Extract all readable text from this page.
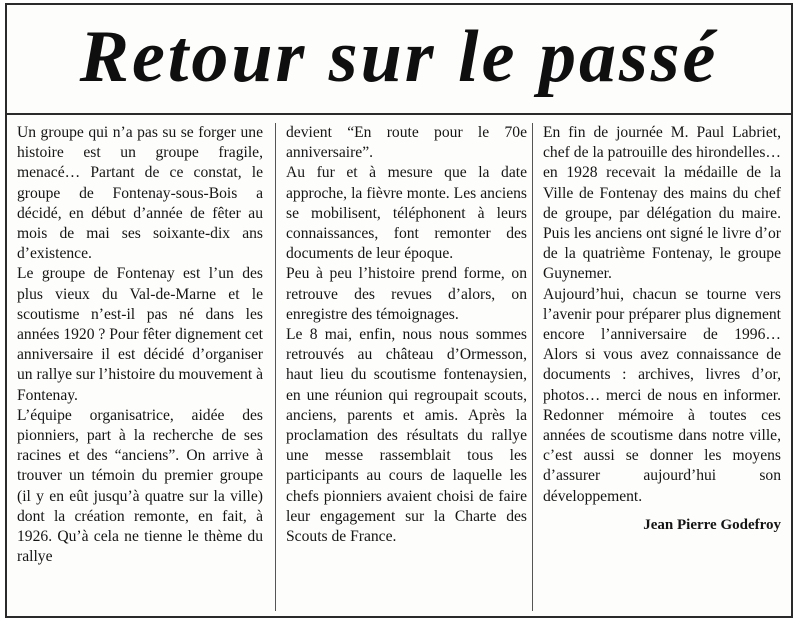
Retour sur le passé

Un groupe qui n’a pas su se forger une histoire est un groupe fragile, menacé… Partant de ce constat, le groupe de Fontenay-sous-Bois a décidé, en début d’année de fêter au mois de mai ses soixante-dix ans d’existence.

Le groupe de Fontenay est l’un des plus vieux du Val-de-Marne et le scoutisme n’est-il pas né dans les années 1920 ? Pour fêter dignement cet anniversaire il est décidé d’organiser un rallye sur l’histoire du mouvement à Fontenay.

L’équipe organisatrice, aidée des pionniers, part à la recherche de ses racines et des “anciens”. On arrive à trouver un témoin du premier groupe (il y en eût jusqu’à quatre sur la ville) dont la création remonte, en fait, à 1926. Qu’à cela ne tienne le thème du rallye

devient “En route pour le 70e anniversaire”.

Au fur et à mesure que la date approche, la fièvre monte. Les anciens se mobilisent, téléphonent à leurs connaissances, font remonter des documents de leur époque.

Peu à peu l’histoire prend forme, on retrouve des revues d’alors, on enregistre des témoignages.

Le 8 mai, enfin, nous nous sommes retrouvés au château d’Ormesson, haut lieu du scoutisme fontenaysien, en une réunion qui regroupait scouts, anciens, parents et amis. Après la proclamation des résultats du rallye une messe rassemblait tous les participants au cours de laquelle les chefs pionniers avaient choisi de faire leur engagement sur la Charte des Scouts de France.

En fin de journée M. Paul Labriet, chef de la patrouille des hirondelles… en 1928 recevait la médaille de la Ville de Fontenay des mains du chef de groupe, par délégation du maire. Puis les anciens ont signé le livre d’or de la quatrième Fontenay, le groupe Guynemer.

Aujourd’hui, chacun se tourne vers l’avenir pour préparer plus dignement encore l’anniversaire de 1996… Alors si vous avez connaissance de documents : archives, livres d’or, photos… merci de nous en informer. Redonner mémoire à toutes ces années de scoutisme dans notre ville, c’est aussi se donner les moyens d’assurer aujourd’hui son développement.

Jean Pierre Godefroy
